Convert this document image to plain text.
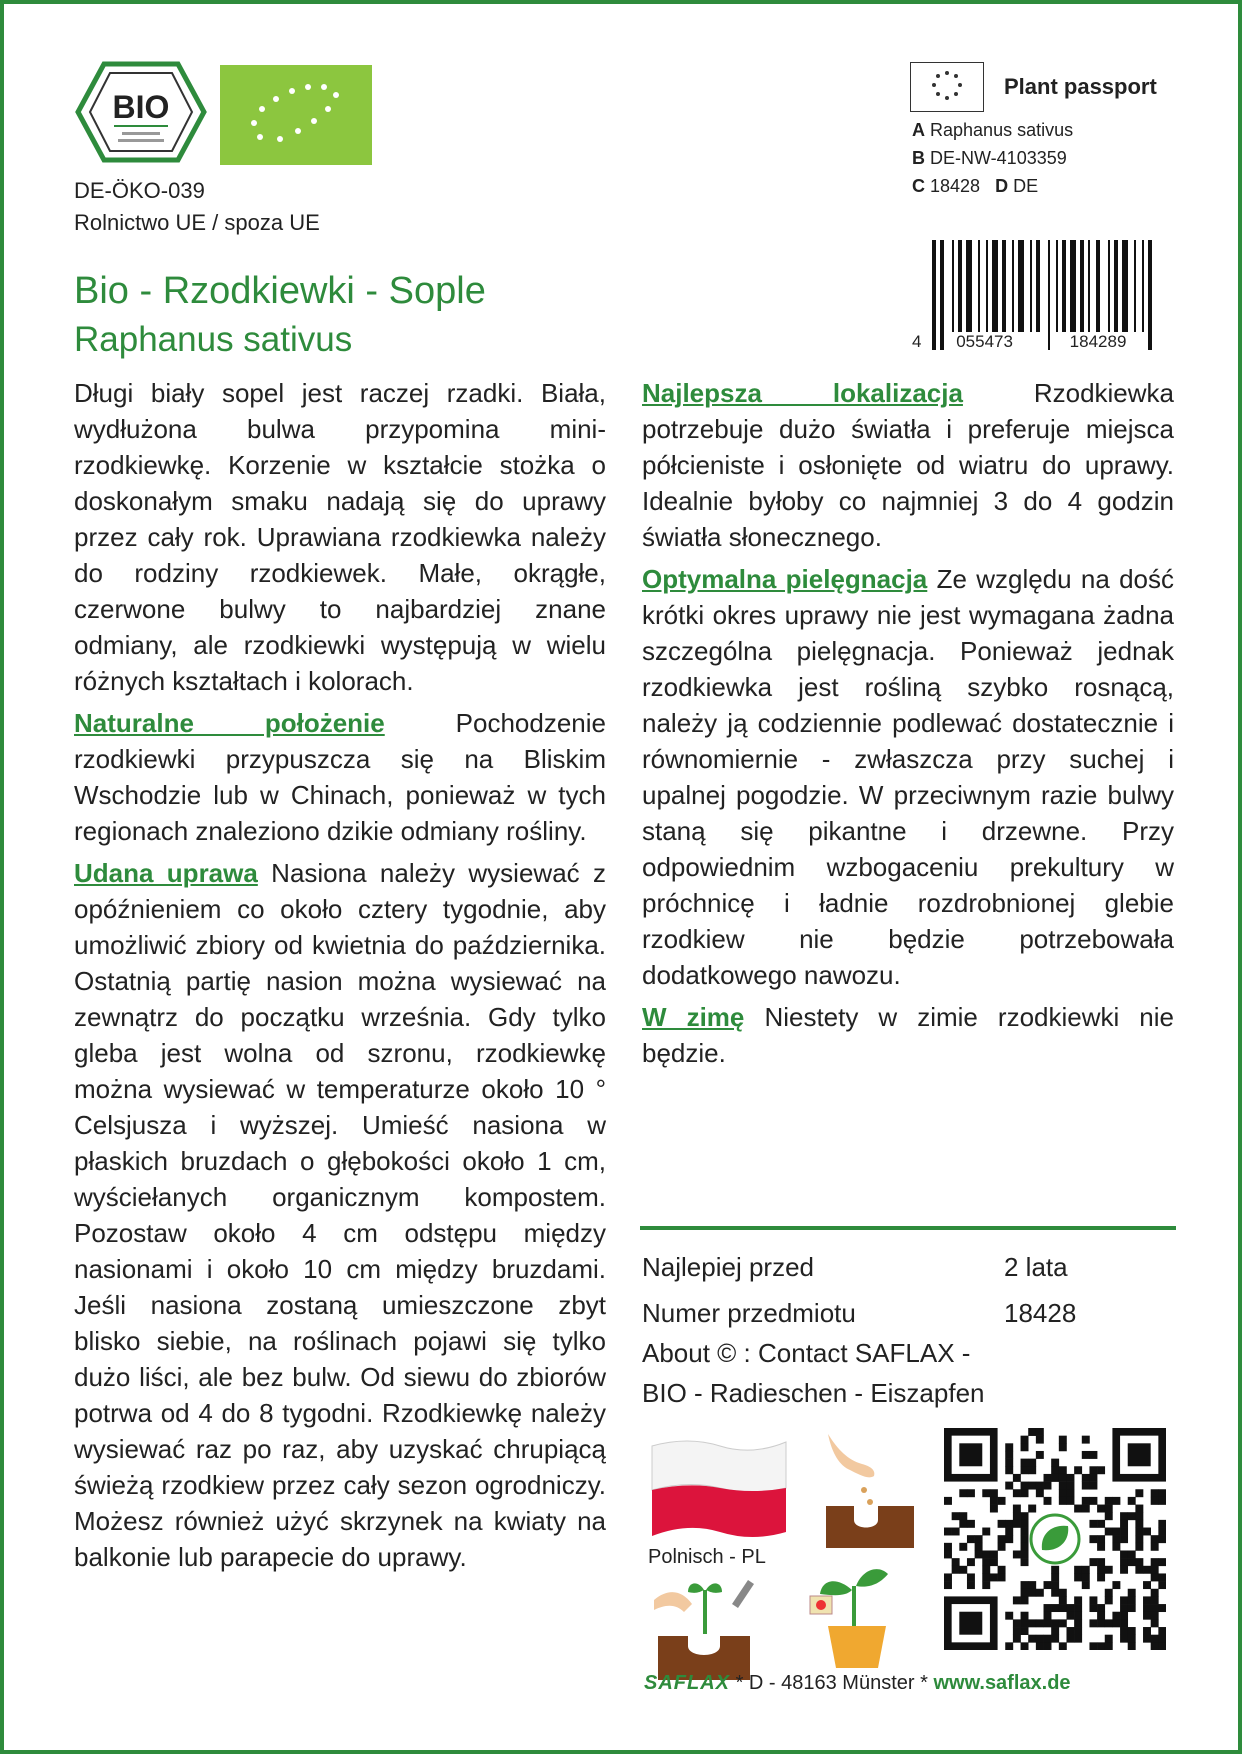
BIO
DE-ÖKO-039
Rolnictwo UE / spoza UE
Bio - Rzodkiewki - Sople
Raphanus sativus
Plant passport
A Raphanus sativus
B DE-NW-4103359
C 18428 D DE
4 055473	184289

Długi biały sopel jest raczej rzadki. Biała, wydłużona bulwa przypomina mini-rzodkiewkę. Korzenie w kształcie stożka o doskonałym smaku nadają się do uprawy przez cały rok. Uprawiana rzodkiewka należy do rodziny rzodkiewek. Małe, okrągłe, czerwone bulwy to najbardziej znane odmiany, ale rzodkiewki występują w wielu różnych kształtach i kolorach.

Naturalne położenie	Pochodzenie rzodkiewki przypuszcza się na Bliskim Wschodzie lub w Chinach, ponieważ w tych regionach znaleziono dzikie odmiany rośliny.

Udana uprawa Nasiona należy wysiewać z opóźnieniem co około cztery tygodnie, aby umożliwić zbiory od kwietnia do października. Ostatnią partię nasion można wysiewać na zewnątrz do początku września. Gdy tylko gleba jest wolna od szronu, rzodkiewkę można wysiewać w temperaturze około 10 ° Celsjusza i wyższej. Umieść nasiona w płaskich bruzdach o głębokości około 1 cm, wyściełanych organicznym kompostem. Pozostaw około 4 cm odstępu między nasionami i około 10 cm między bruzdami. Jeśli nasiona zostaną umieszczone zbyt blisko siebie, na roślinach pojawi się tylko dużo liści, ale bez bulw. Od siewu do zbiorów potrwa od 4 do 8 tygodni. Rzodkiewkę należy wysiewać raz po raz, aby uzyskać chrupiącą świeżą rzodkiew przez cały sezon ogrodniczy. Możesz również użyć skrzynek na kwiaty na balkonie lub parapecie do uprawy.

Najlepsza lokalizacja	Rzodkiewka potrzebuje dużo światła i preferuje miejsca półcieniste i osłonięte od wiatru do uprawy. Idealnie byłoby co najmniej 3 do 4 godzin światła słonecznego.

Optymalna pielęgnacja Ze względu na dość krótki okres uprawy nie jest wymagana żadna szczególna pielęgnacja. Ponieważ jednak rzodkiewka jest rośliną szybko rosnącą, należy ją codziennie podlewać dostatecznie i równomiernie - zwłaszcza przy suchej i upalnej pogodzie. W przeciwnym razie bulwy staną się pikantne i drzewne. Przy odpowiednim wzbogaceniu prekultury w próchnicę i ładnie rozdrobnionej glebie rzodkiew nie będzie potrzebowała dodatkowego nawozu.

W zimę Niestety w zimie rzodkiewki nie będzie.

Najlepiej przed	2 lata
Numer przedmiotu	18428
About © : Contact SAFLAX -
BIO - Radieschen - Eiszapfen
Polnisch - PL
SAFLAX * D - 48163 Münster * www.saflax.de
